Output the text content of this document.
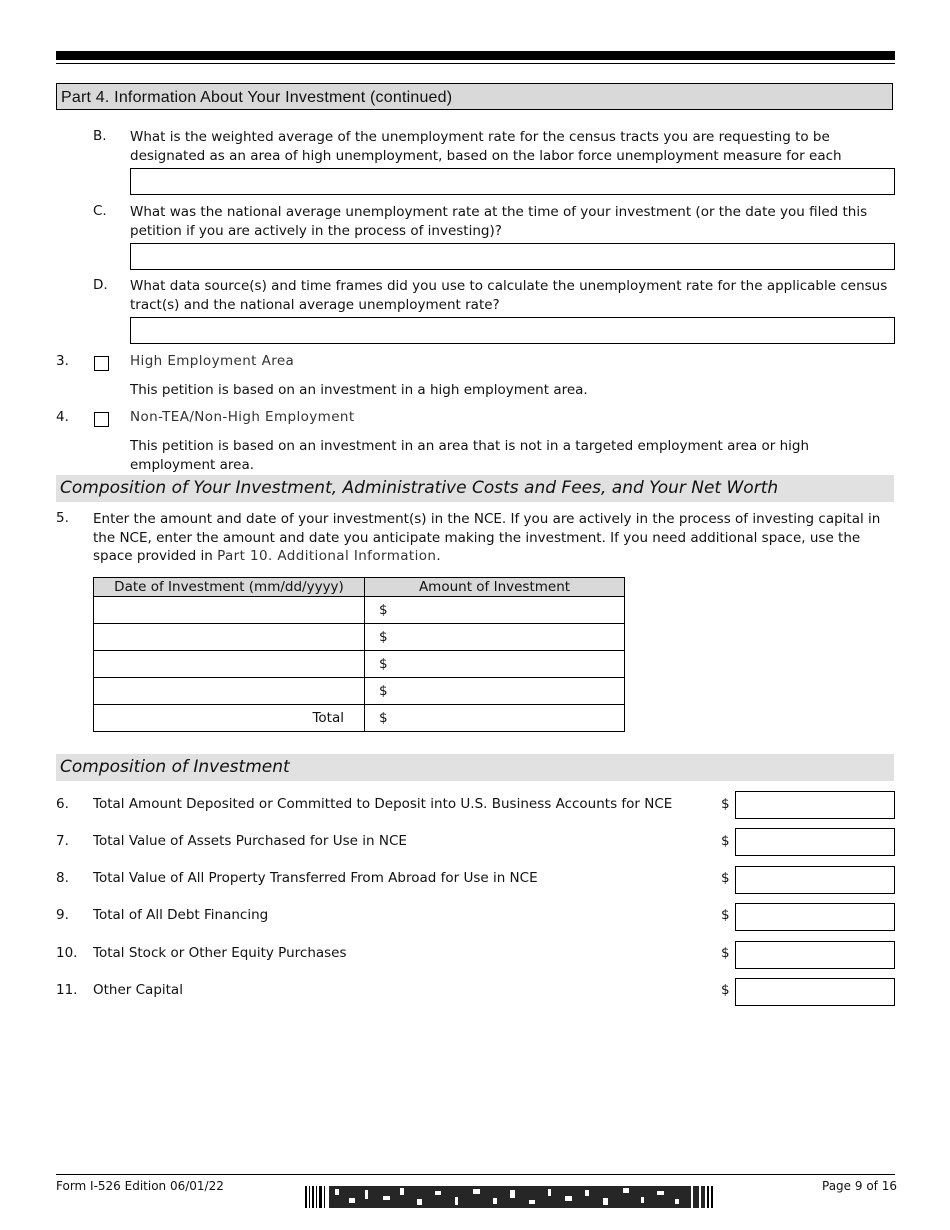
Part 4. Information About Your Investment (continued)
B. What is the weighted average of the unemployment rate for the census tracts you are requesting to be designated as an area of high unemployment, based on the labor force unemployment measure for each
C. What was the national average unemployment rate at the time of your investment (or the date you filed this petition if you are actively in the process of investing)?
D. What data source(s) and time frames did you use to calculate the unemployment rate for the applicable census tract(s) and the national average unemployment rate?
3.	High Employment Area
This petition is based on an investment in a high employment area.
4.	Non-TEA/Non-High Employment
This petition is based on an investment in an area that is not in a targeted employment area or high employment area.
Composition of Your Investment, Administrative Costs and Fees, and Your Net Worth
5. Enter the amount and date of your investment(s) in the NCE. If you are actively in the process of investing capital in the NCE, enter the amount and date you anticipate making the investment. If you need additional space, use the space provided in Part 10. Additional Information.
Date of Investment (mm/dd/yyyy)	Amount of Investment
	$
	$
	$
	$
Total	$
Composition of Investment
6. Total Amount Deposited or Committed to Deposit into U.S. Business Accounts for NCE	$
7. Total Value of Assets Purchased for Use in NCE	$
8. Total Value of All Property Transferred From Abroad for Use in NCE	$
9. Total of All Debt Financing	$
10. Total Stock or Other Equity Purchases	$
11. Other Capital	$
Form I-526 Edition 06/01/22	Page 9 of 16
